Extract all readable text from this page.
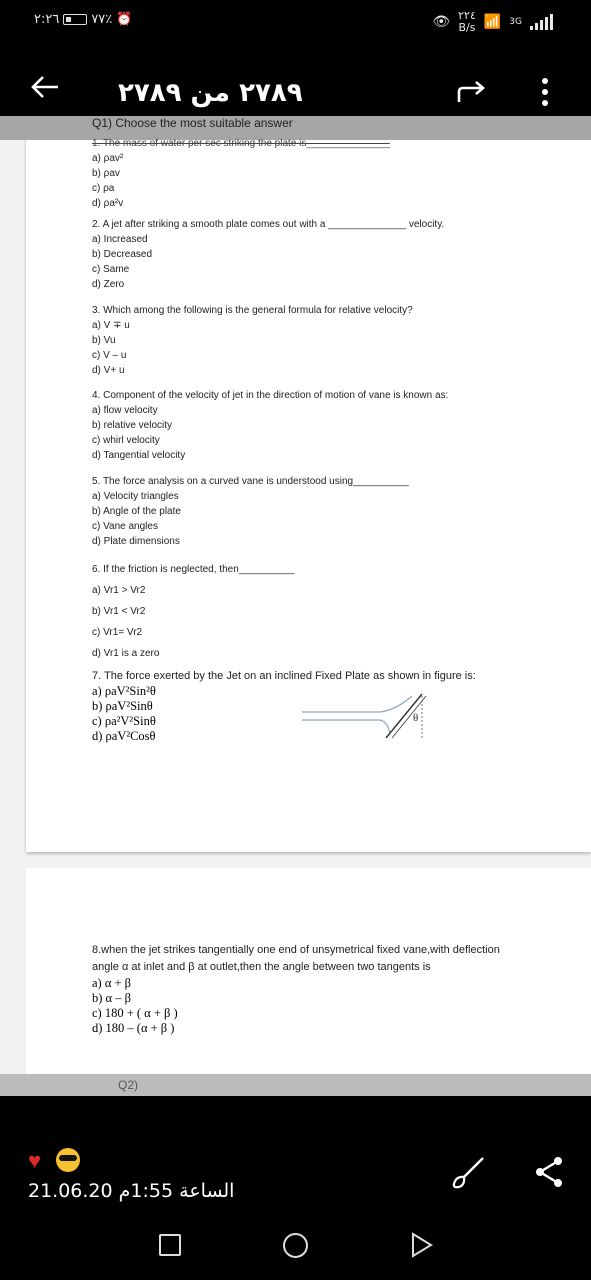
٢:٢٦ ٧٧٪ ⏰	👁 ٢٢٤
B/s 📶 3G
٢٧٨٩ من ٢٧٨٩
Q1) Choose the most suitable answer
1. The mass of water per sec striking the plate is_______________
a) ρav²
b) ρav
c) ρa
d) ρa²v
2. A jet after striking a smooth plate comes out with a ______________ velocity.
a) Increased
b) Decreased
c) Same
d) Zero
3. Which among the following is the general formula for relative velocity?
a) V ∓ u
b) Vu
c) V – u
d) V+ u
4. Component of the velocity of jet in the direction of motion of vane is known as:
a) flow velocity
b) relative velocity
c) whirl velocity
d) Tangential velocity
5. The force analysis on a curved vane is understood using__________
a) Velocity triangles
b) Angle of the plate
c) Vane angles
d) Plate dimensions
6. If the friction is neglected, then__________
a) Vr1 > Vr2
b) Vr1 < Vr2
c) Vr1= Vr2
d) Vr1 is a zero
7. The force exerted by the Jet on an inclined Fixed Plate as shown in figure is:
a) ρaV²Sin²θ
b) ρaV²Sinθ
c) ρa²V²Sinθ
d) ρaV²Cosθ
θ
8.when the jet strikes tangentially one end of unsymetrical fixed vane,with deflection angle α at inlet and β at outlet,then the angle between two tangents is
a) α + β
b) α – β
c) 180 + ( α + β )
d) 180 – (α + β )
Q2)
عفيه متحان ساعدوني
♥
21.06.20 الساعة 1:55م
